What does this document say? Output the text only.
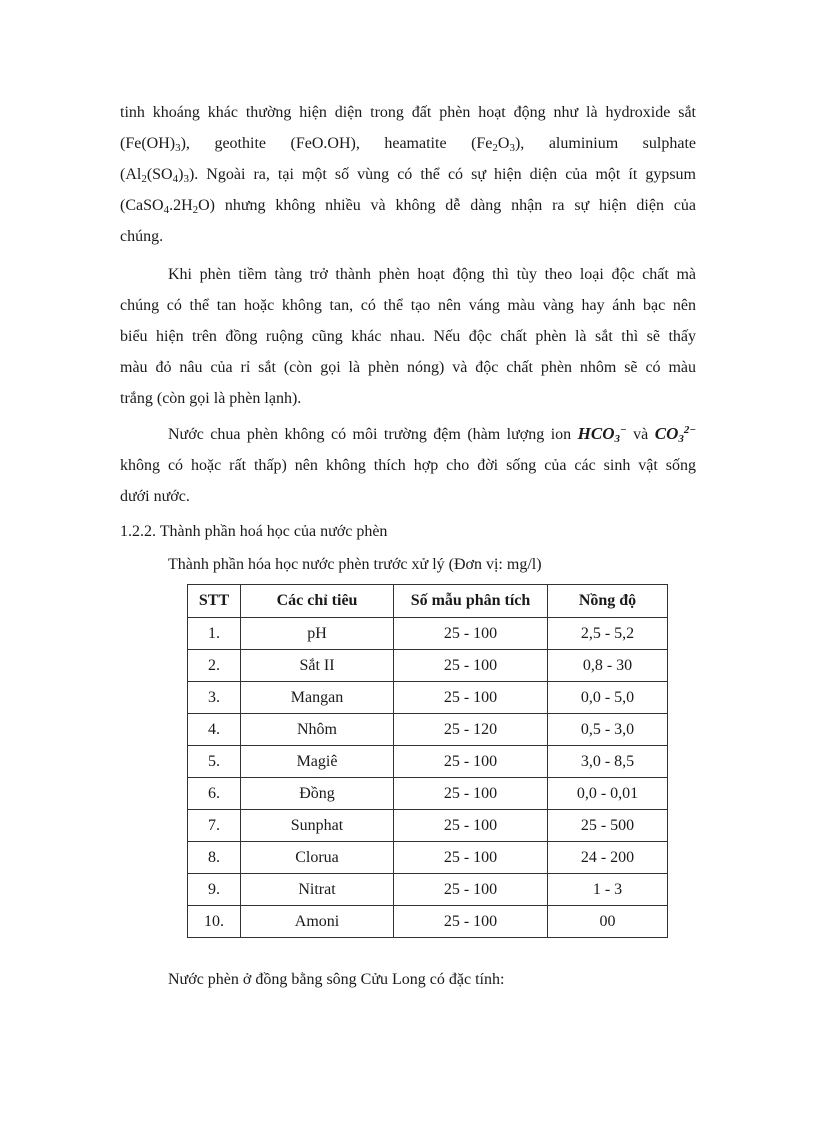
tinh khoáng khác thường hiện diện trong đất phèn hoạt động như là hydroxide sắt
$(Fe(OH)_3)$, geothite (FeO.OH), heamatite $(Fe_2O_3)$, aluminium sulphate
$(Al_2(SO_4)_3)$. Ngoài ra, tại một số vùng có thể có sự hiện diện của một ít gypsum
$(CaSO_4.2H_2O)$ nhưng không nhiều và không dễ dàng nhận ra sự hiện diện của
chúng.
Khi phèn tiềm tàng trở thành phèn hoạt động thì tùy theo loại độc chất mà
chúng có thể tan hoặc không tan, có thể tạo nên váng màu vàng hay ánh bạc nên
biểu hiện trên đồng ruộng cũng khác nhau. Nếu độc chất phèn là sắt thì sẽ thấy
màu đỏ nâu của rỉ sắt (còn gọi là phèn nóng) và độc chất phèn nhôm sẽ có màu
trắng (còn gọi là phèn lạnh).
Nước chua phèn không có môi trường đệm (hàm lượng ion $HCO_3^-$ và $CO_3^{2-}$
không có hoặc rất thấp) nên không thích hợp cho đời sống của các sinh vật sống
dưới nước.

1.2.2. Thành phần hoá học của nước phèn

Thành phần hóa học nước phèn trước xử lý (Đơn vị: mg/l)

STT	Các chỉ tiêu	Số mẫu phân tích	Nồng độ
1.	pH	25 - 100	2,5 - 5,2
2.	Sắt II	25 - 100	0,8 - 30
3.	Mangan	25 - 100	0,0 - 5,0
4.	Nhôm	25 - 120	0,5 - 3,0
5.	Magiê	25 - 100	3,0 - 8,5
6.	Đồng	25 - 100	0,0 - 0,01
7.	Sunphat	25 - 100	25 - 500
8.	Clorua	25 - 100	24 - 200
9.	Nitrat	25 - 100	1 - 3
10.	Amoni	25 - 100	00

Nước phèn ở đồng bằng sông Cửu Long có đặc tính:
